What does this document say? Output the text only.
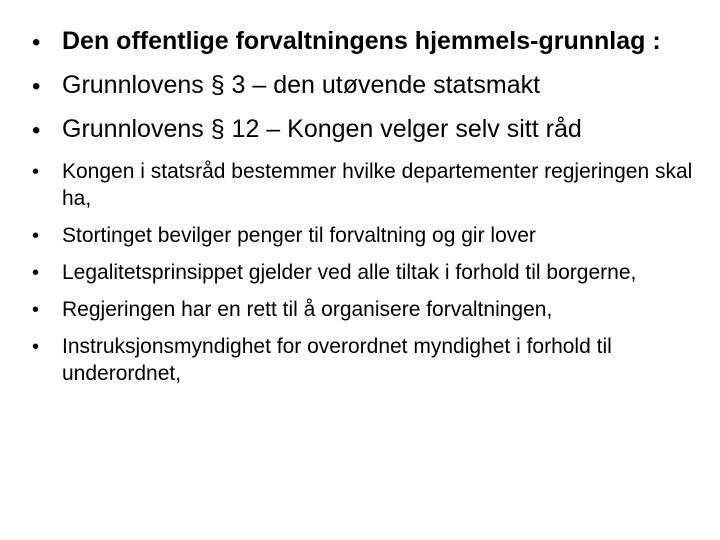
• Den offentlige forvaltningens hjemmels-grunnlag :
• Grunnlovens § 3 – den utøvende statsmakt
• Grunnlovens § 12 – Kongen velger selv sitt råd
• Kongen i statsråd bestemmer hvilke departementer regjeringen skal ha,
• Stortinget bevilger penger til forvaltning og gir lover
• Legalitetsprinsippet gjelder ved alle tiltak i forhold til borgerne,
• Regjeringen har en rett til å organisere forvaltningen,
• Instruksjonsmyndighet for overordnet myndighet i forhold til underordnet,
